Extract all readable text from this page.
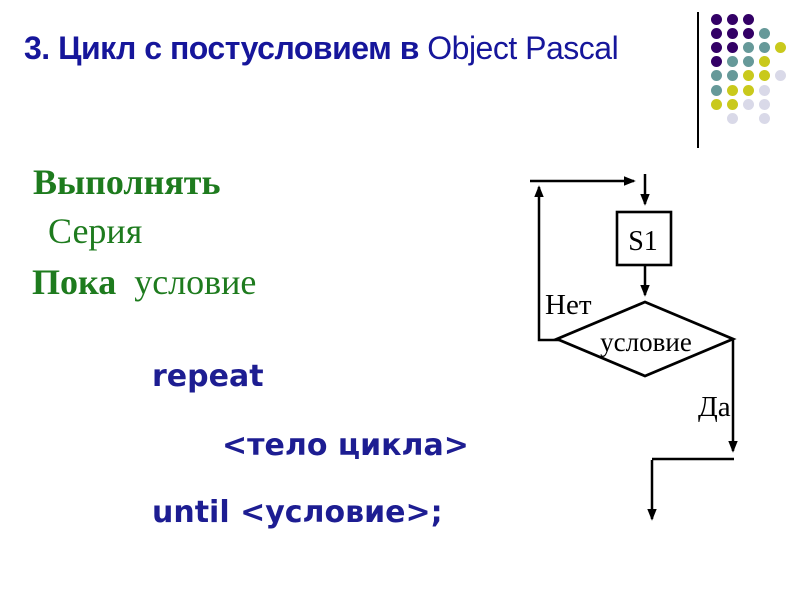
3. Цикл с постусловием в Object Pascal
Выполнять
Серия
Пока условие
repeat
<тело цикла>
until <условие>;
S1
условие
Нет
Да
